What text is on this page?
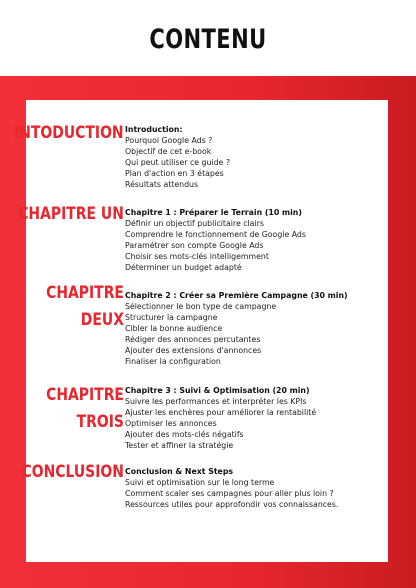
CONTENU
INTODUCTION Introduction:
Pourquoi Google Ads ?
Objectif de cet e-book
Qui peut utiliser ce guide ?
Plan d'action en 3 étapes
Résultats attendus
CHAPITRE UN Chapitre 1 : Préparer le Terrain (10 min)
Définir un objectif publicitaire clairs
Comprendre le fonctionnement de Google Ads
Paramétrer son compte Google Ads
Choisir ses mots-clés intelligemment
Déterminer un budget adapté
CHAPITRE
DEUX
Chapitre 2 : Créer sa Première Campagne (30 min)
Sélectionner le bon type de campagne
Structurer la campagne
Cibler la bonne audience
Rédiger des annonces percutantes
Ajouter des extensions d'annonces
Finaliser la configuration
CHAPITRE
TROIS
Chapitre 3 : Suivi & Optimisation (20 min)
Suivre les performances et interpréter les KPIs
Ajuster les enchères pour améliorer la rentabilité
Optimiser les annonces
Ajouter des mots-clés négatifs
Tester et affiner la stratégie
CONCLUSION Conclusion & Next Steps
Suivi et optimisation sur le long terme
Comment scaler ses campagnes pour aller plus loin ?
Ressources utiles pour approfondir vos connaissances.
